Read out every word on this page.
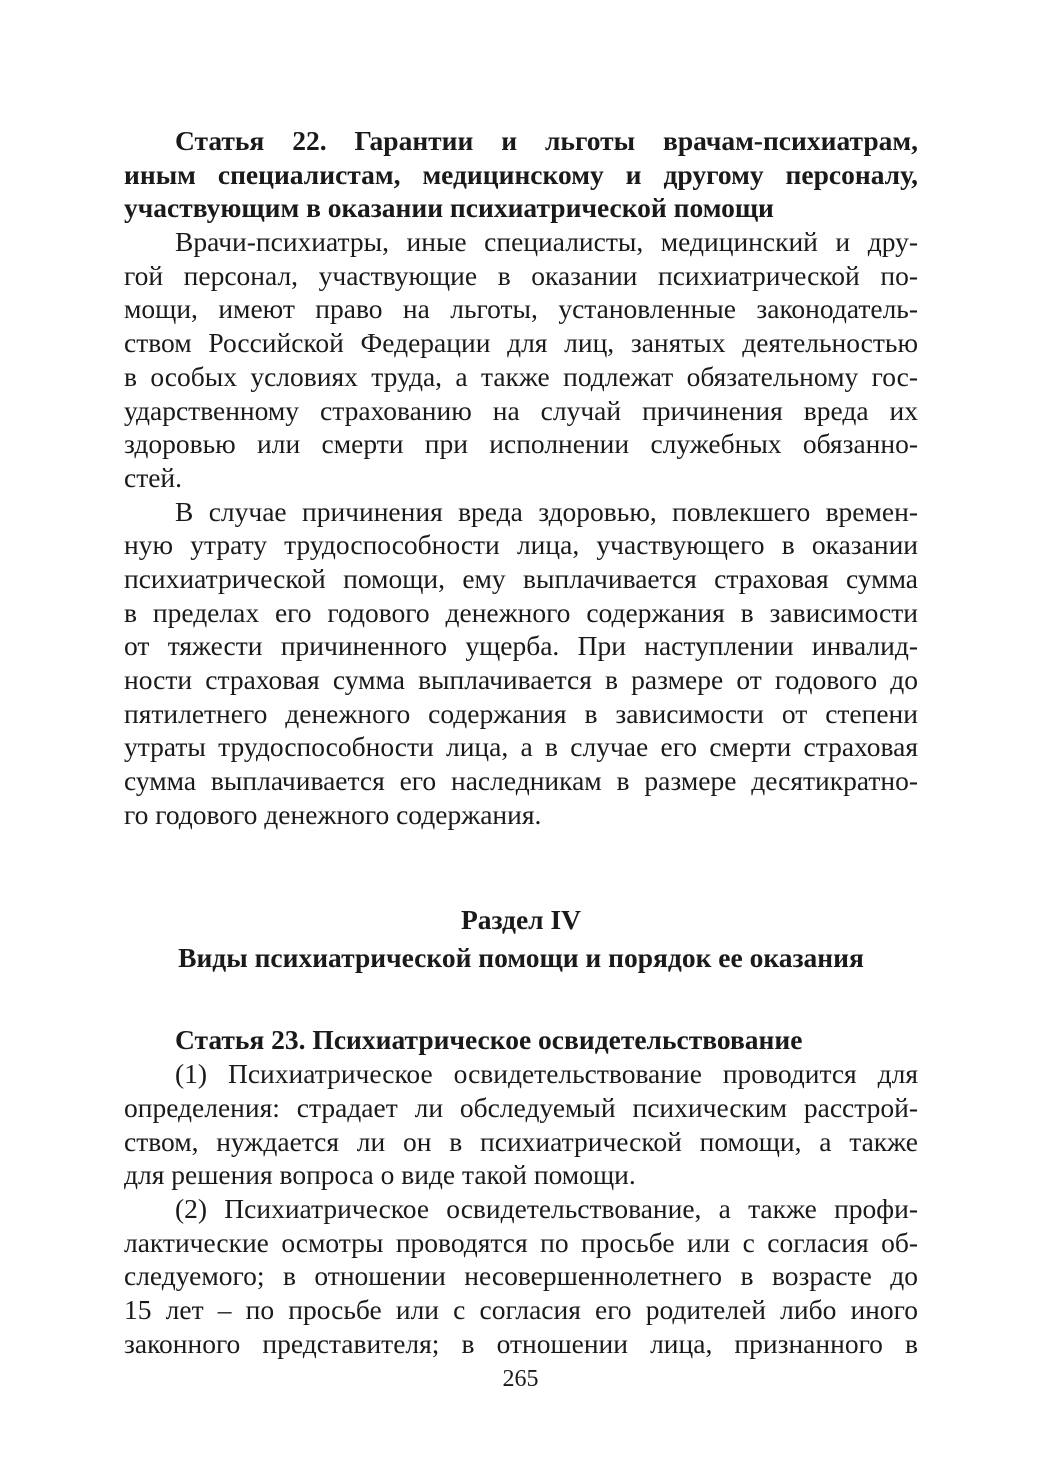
Статья 22. Гарантии и льготы врачам-психиатрам,
иным специалистам, медицинскому и другому персоналу,
участвующим в оказании психиатрической помощи
Врачи-психиатры, иные специалисты, медицинский и дру-
гой персонал, участвующие в оказании психиатрической по-
мощи, имеют право на льготы, установленные законодатель-
ством Российской Федерации для лиц, занятых деятельностью
в особых условиях труда, а также подлежат обязательному гос-
ударственному страхованию на случай причинения вреда их
здоровью или смерти при исполнении служебных обязанно-
стей.
В случае причинения вреда здоровью, повлекшего времен-
ную утрату трудоспособности лица, участвующего в оказании
психиатрической помощи, ему выплачивается страховая сумма
в пределах его годового денежного содержания в зависимости
от тяжести причиненного ущерба. При наступлении инвалид-
ности страховая сумма выплачивается в размере от годового до
пятилетнего денежного содержания в зависимости от степени
утраты трудоспособности лица, а в случае его смерти страховая
сумма выплачивается его наследникам в размере десятикратно-
го годового денежного содержания.
Раздел IV
Виды психиатрической помощи и порядок ее оказания
Статья 23. Психиатрическое освидетельствование
(1) Психиатрическое освидетельствование проводится для
определения: страдает ли обследуемый психическим расстрой-
ством, нуждается ли он в психиатрической помощи, а также
для решения вопроса о виде такой помощи.
(2) Психиатрическое освидетельствование, а также профи-
лактические осмотры проводятся по просьбе или с согласия об-
следуемого; в отношении несовершеннолетнего в возрасте до
15 лет – по просьбе или с согласия его родителей либо иного
законного представителя; в отношении лица, признанного в
265
